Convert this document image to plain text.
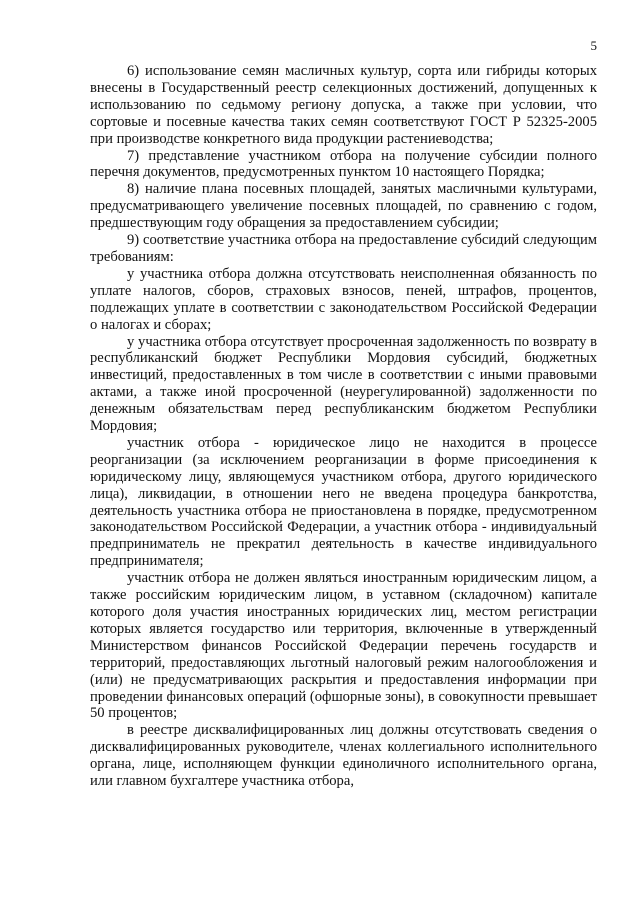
5

6) использование семян масличных культур, сорта или гибриды которых внесены в Государственный реестр селекционных достижений, допущенных к использованию по седьмому региону допуска, а также при условии, что сортовые и посевные качества таких семян соответствуют ГОСТ Р 52325-2005 при производстве конкретного вида продукции растениеводства;

7) представление участником отбора на получение субсидии полного перечня документов, предусмотренных пунктом 10 настоящего Порядка;

8) наличие плана посевных площадей, занятых масличными культурами, предусматривающего увеличение посевных площадей, по сравнению с годом, предшествующим году обращения за предоставлением субсидии;

9) соответствие участника отбора на предоставление субсидий следующим требованиям:

у участника отбора должна отсутствовать неисполненная обязанность по уплате налогов, сборов, страховых взносов, пеней, штрафов, процентов, подлежащих уплате в соответствии с законодательством Российской Федерации о налогах и сборах;

у участника отбора отсутствует просроченная задолженность по возврату в республиканский бюджет Республики Мордовия субсидий, бюджетных инвестиций, предоставленных в том числе в соответствии с иными правовыми актами, а также иной просроченной (неурегулированной) задолженности по денежным обязательствам перед республиканским бюджетом Республики Мордовия;

участник отбора - юридическое лицо не находится в процессе реорганизации (за исключением реорганизации в форме присоединения к юридическому лицу, являющемуся участником отбора, другого юридического лица), ликвидации, в отношении него не введена процедура банкротства, деятельность участника отбора не приостановлена в порядке, предусмотренном законодательством Российской Федерации, а участник отбора - индивидуальный предприниматель не прекратил деятельность в качестве индивидуального предпринимателя;

участник отбора не должен являться иностранным юридическим лицом, а также российским юридическим лицом, в уставном (складочном) капитале которого доля участия иностранных юридических лиц, местом регистрации которых является государство или территория, включенные в утвержденный Министерством финансов Российской Федерации перечень государств и территорий, предоставляющих льготный налоговый режим налогообложения и (или) не предусматривающих раскрытия и предоставления информации при проведении финансовых операций (офшорные зоны), в совокупности превышает 50 процентов;

в реестре дисквалифицированных лиц должны отсутствовать сведения о дисквалифицированных руководителе, членах коллегиального исполнительного органа, лице, исполняющем функции единоличного исполнительного органа, или главном бухгалтере участника отбора,
